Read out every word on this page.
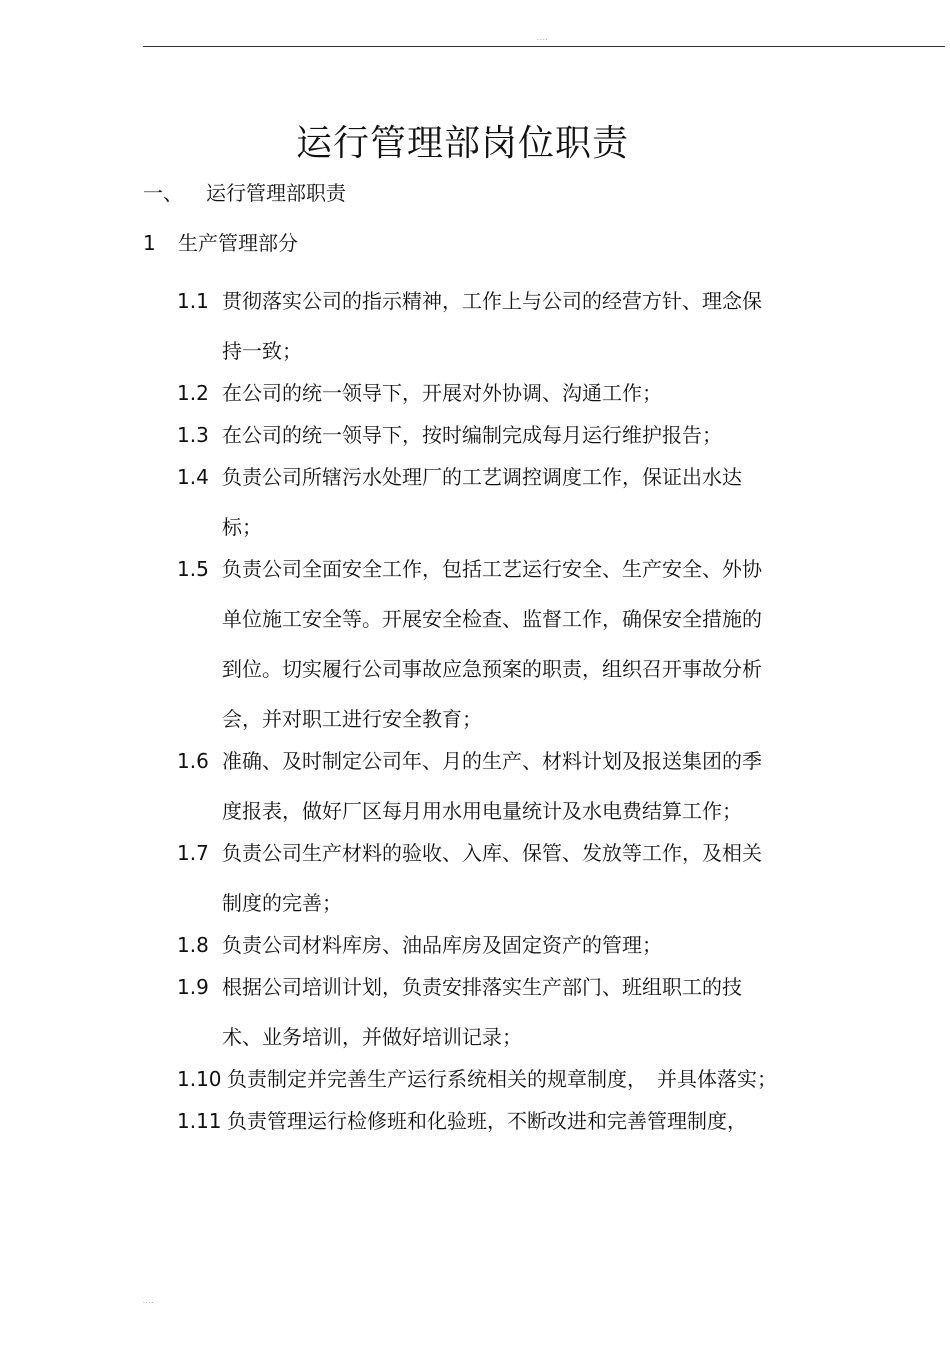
....
运行管理部岗位职责
一、 运行管理部职责
1 生产管理部分
1.1 贯彻落实公司的指示精神，工作上与公司的经营方针、理念保持一致；
1.2 在公司的统一领导下，开展对外协调、沟通工作；
1.3 在公司的统一领导下，按时编制完成每月运行维护报告；
1.4 负责公司所辖污水处理厂的工艺调控调度工作，保证出水达标；
1.5 负责公司全面安全工作，包括工艺运行安全、生产安全、外协单位施工安全等。开展安全检查、监督工作，确保安全措施的到位。切实履行公司事故应急预案的职责，组织召开事故分析会，并对职工进行安全教育；
1.6 准确、及时制定公司年、月的生产、材料计划及报送集团的季度报表，做好厂区每月用水用电量统计及水电费结算工作；
1.7 负责公司生产材料的验收、入库、保管、发放等工作，及相关制度的完善；
1.8 负责公司材料库房、油品库房及固定资产的管理；
1.9 根据公司培训计划，负责安排落实生产部门、班组职工的技术、业务培训，并做好培训记录；
1.10 负责制定并完善生产运行系统相关的规章制度，　并具体落实；
1.11 负责管理运行检修班和化验班，不断改进和完善管理制度，
....
